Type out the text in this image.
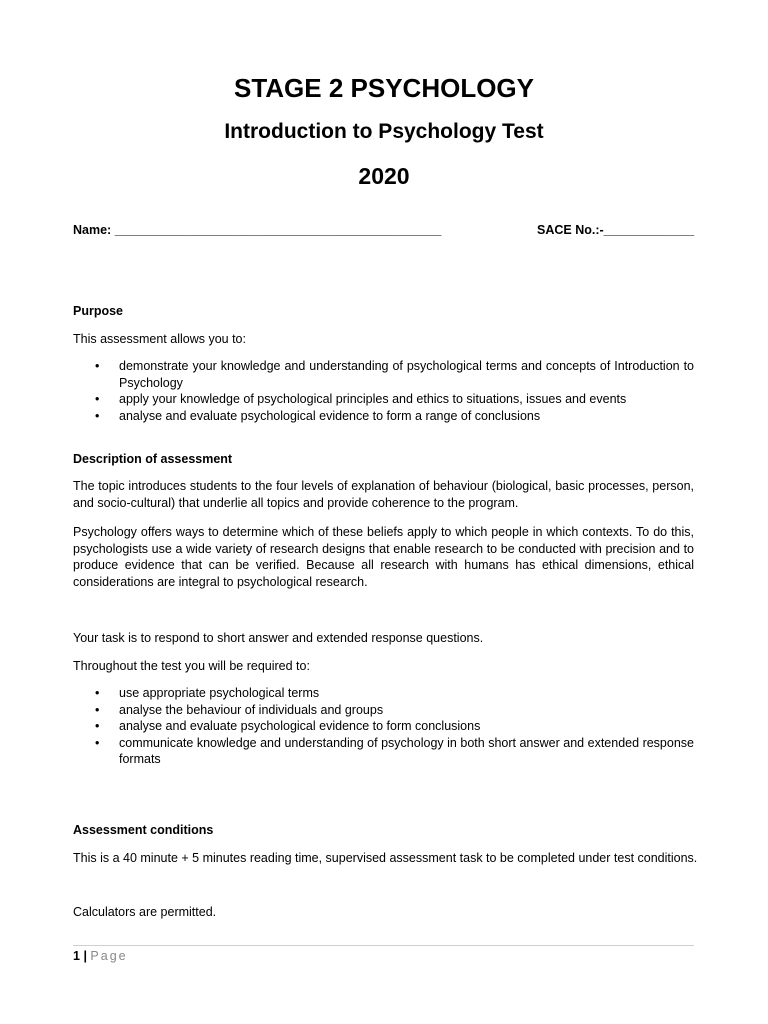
STAGE 2 PSYCHOLOGY
Introduction to Psychology Test
2020
Name: _______________________________________________	SACE No.:-_____________
Purpose
This assessment allows you to:
• demonstrate your knowledge and understanding of psychological terms and concepts of Introduction to Psychology
• apply your knowledge of psychological principles and ethics to situations, issues and events
• analyse and evaluate psychological evidence to form a range of conclusions
Description of assessment
The topic introduces students to the four levels of explanation of behaviour (biological, basic processes, person, and socio-cultural) that underlie all topics and provide coherence to the program.
Psychology offers ways to determine which of these beliefs apply to which people in which contexts. To do this, psychologists use a wide variety of research designs that enable research to be conducted with precision and to produce evidence that can be verified. Because all research with humans has ethical dimensions, ethical considerations are integral to psychological research.
Your task is to respond to short answer and extended response questions.
Throughout the test you will be required to:
• use appropriate psychological terms
• analyse the behaviour of individuals and groups
• analyse and evaluate psychological evidence to form conclusions
• communicate knowledge and understanding of psychology in both short answer and extended response formats
Assessment conditions
This is a 40 minute + 5 minutes reading time, supervised assessment task to be completed under test conditions.
Calculators are permitted.
1 | Page
